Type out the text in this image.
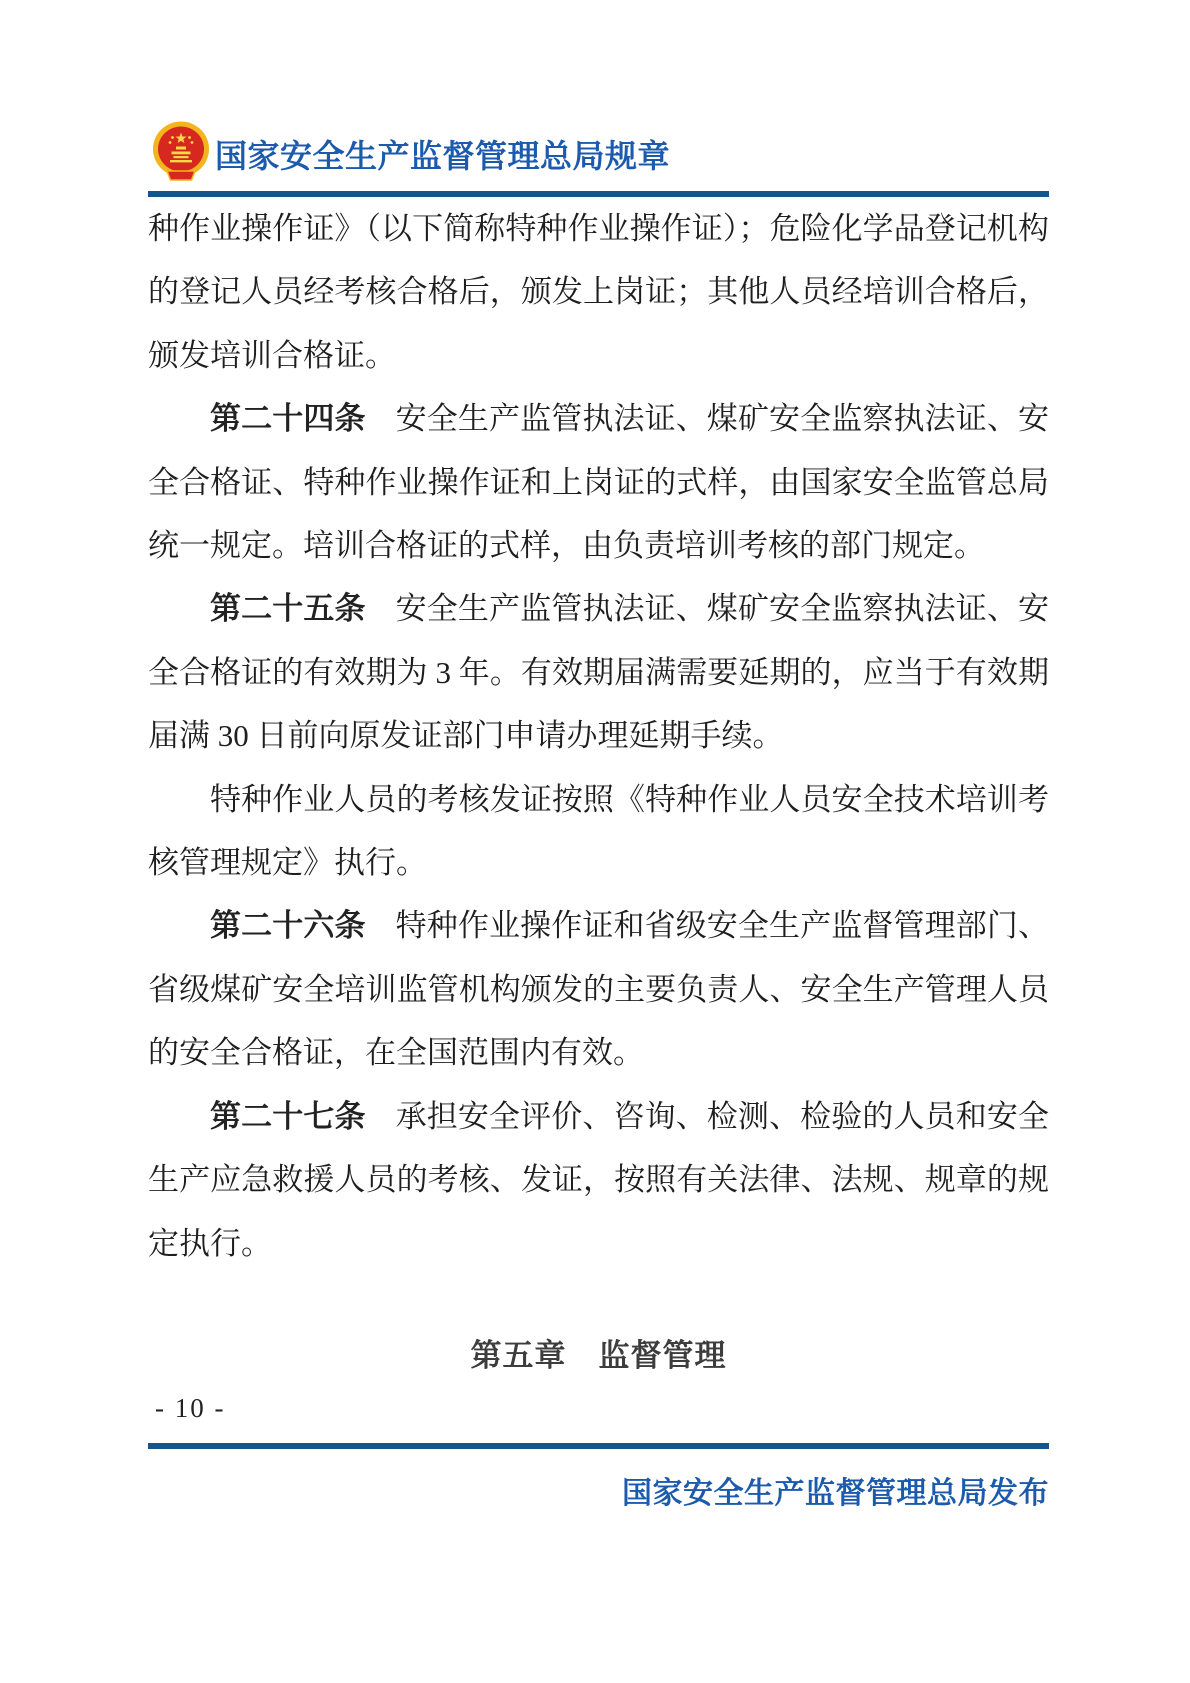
国家安全生产监督管理总局规章

种作业操作证》（以下简称特种作业操作证）；危险化学品登记机构的登记人员经考核合格后，颁发上岗证；其他人员经培训合格后，颁发培训合格证。

第二十四条 安全生产监管执法证、煤矿安全监察执法证、安全合格证、特种作业操作证和上岗证的式样，由国家安全监管总局统一规定。培训合格证的式样，由负责培训考核的部门规定。

第二十五条 安全生产监管执法证、煤矿安全监察执法证、安全合格证的有效期为 3 年。有效期届满需要延期的，应当于有效期届满 30 日前向原发证部门申请办理延期手续。

特种作业人员的考核发证按照《特种作业人员安全技术培训考核管理规定》执行。

第二十六条 特种作业操作证和省级安全生产监督管理部门、省级煤矿安全培训监管机构颁发的主要负责人、安全生产管理人员的安全合格证，在全国范围内有效。

第二十七条 承担安全评价、咨询、检测、检验的人员和安全生产应急救援人员的考核、发证，按照有关法律、法规、规章的规定执行。

第五章　监督管理
- 10 -
国家安全生产监督管理总局发布
